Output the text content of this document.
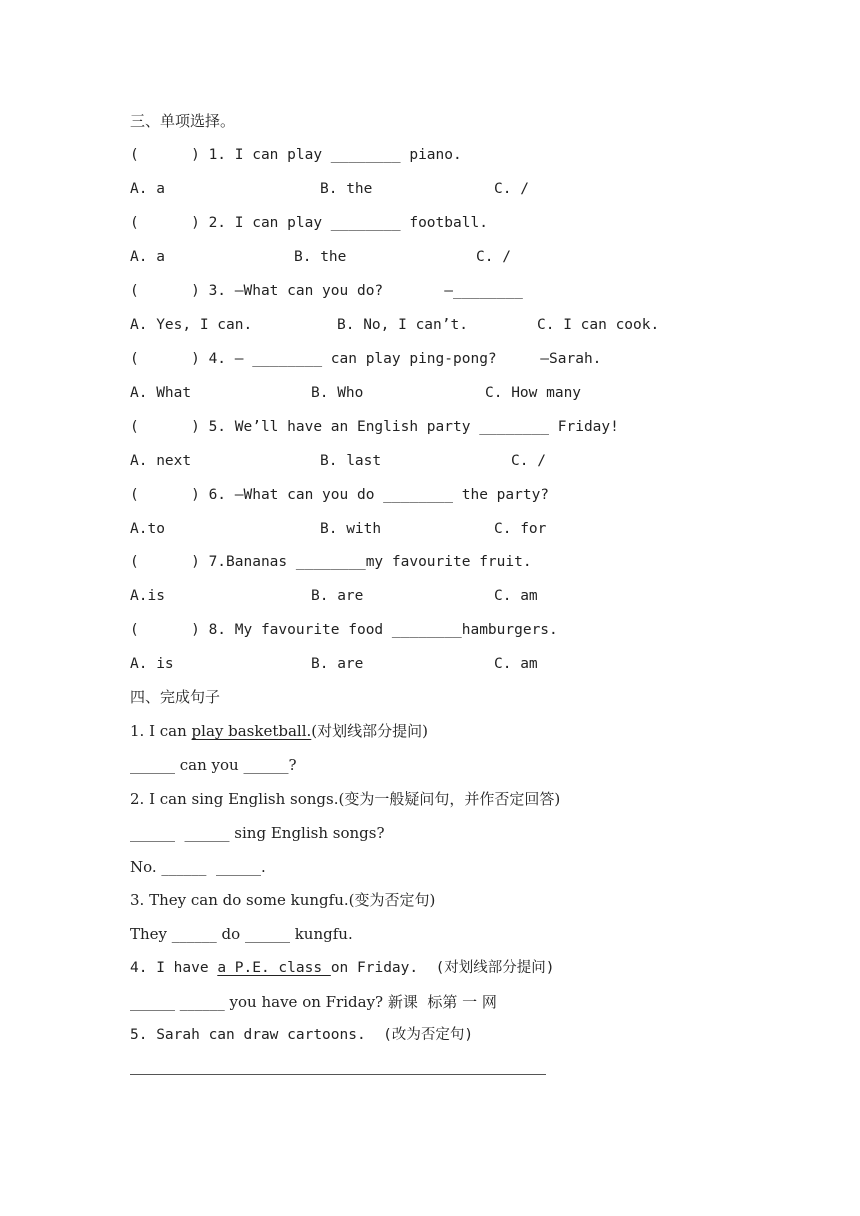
三、单项选择。
(      ) 1. I can play ________ piano.

A. a

	B. the

	C. /

(      ) 2. I can play ________ football.

A. a

	B. the

	C. /

(      ) 3. —What can you do?       —________

A. Yes, I can.

	B. No, I can’t.

	C. I can cook.

(      ) 4. — ________ can play ping-pong?     —Sarah.

A. What

	B. Who

	C. How many

(      ) 5. We’ll have an English party ________ Friday!

A. next

	B. last

	C. /

(      ) 6. —What can you do ________ the party?

A.to

	B. with

	C. for

(      ) 7.Bananas ________my favourite fruit.

A.is

	B. are

	C. am

(      ) 8. My favourite food ________hamburgers.

A. is

	B. are

	C. am

四、完成句子
1. I can play basketball.(对划线部分提问)
______ can you ______?
2. I can sing English songs.(变为一般疑问句，并作否定回答)
______  ______ sing English songs?
No. ______  ______.
3. They can do some kungfu.(变为否定句)
They ______ do ______ kungfu.
4. I have a P.E. class on Friday.  (对划线部分提问)
______ ______ you have on Friday? 新课  标第 一 网
5. Sarah can draw cartoons.  (改为否定句)
